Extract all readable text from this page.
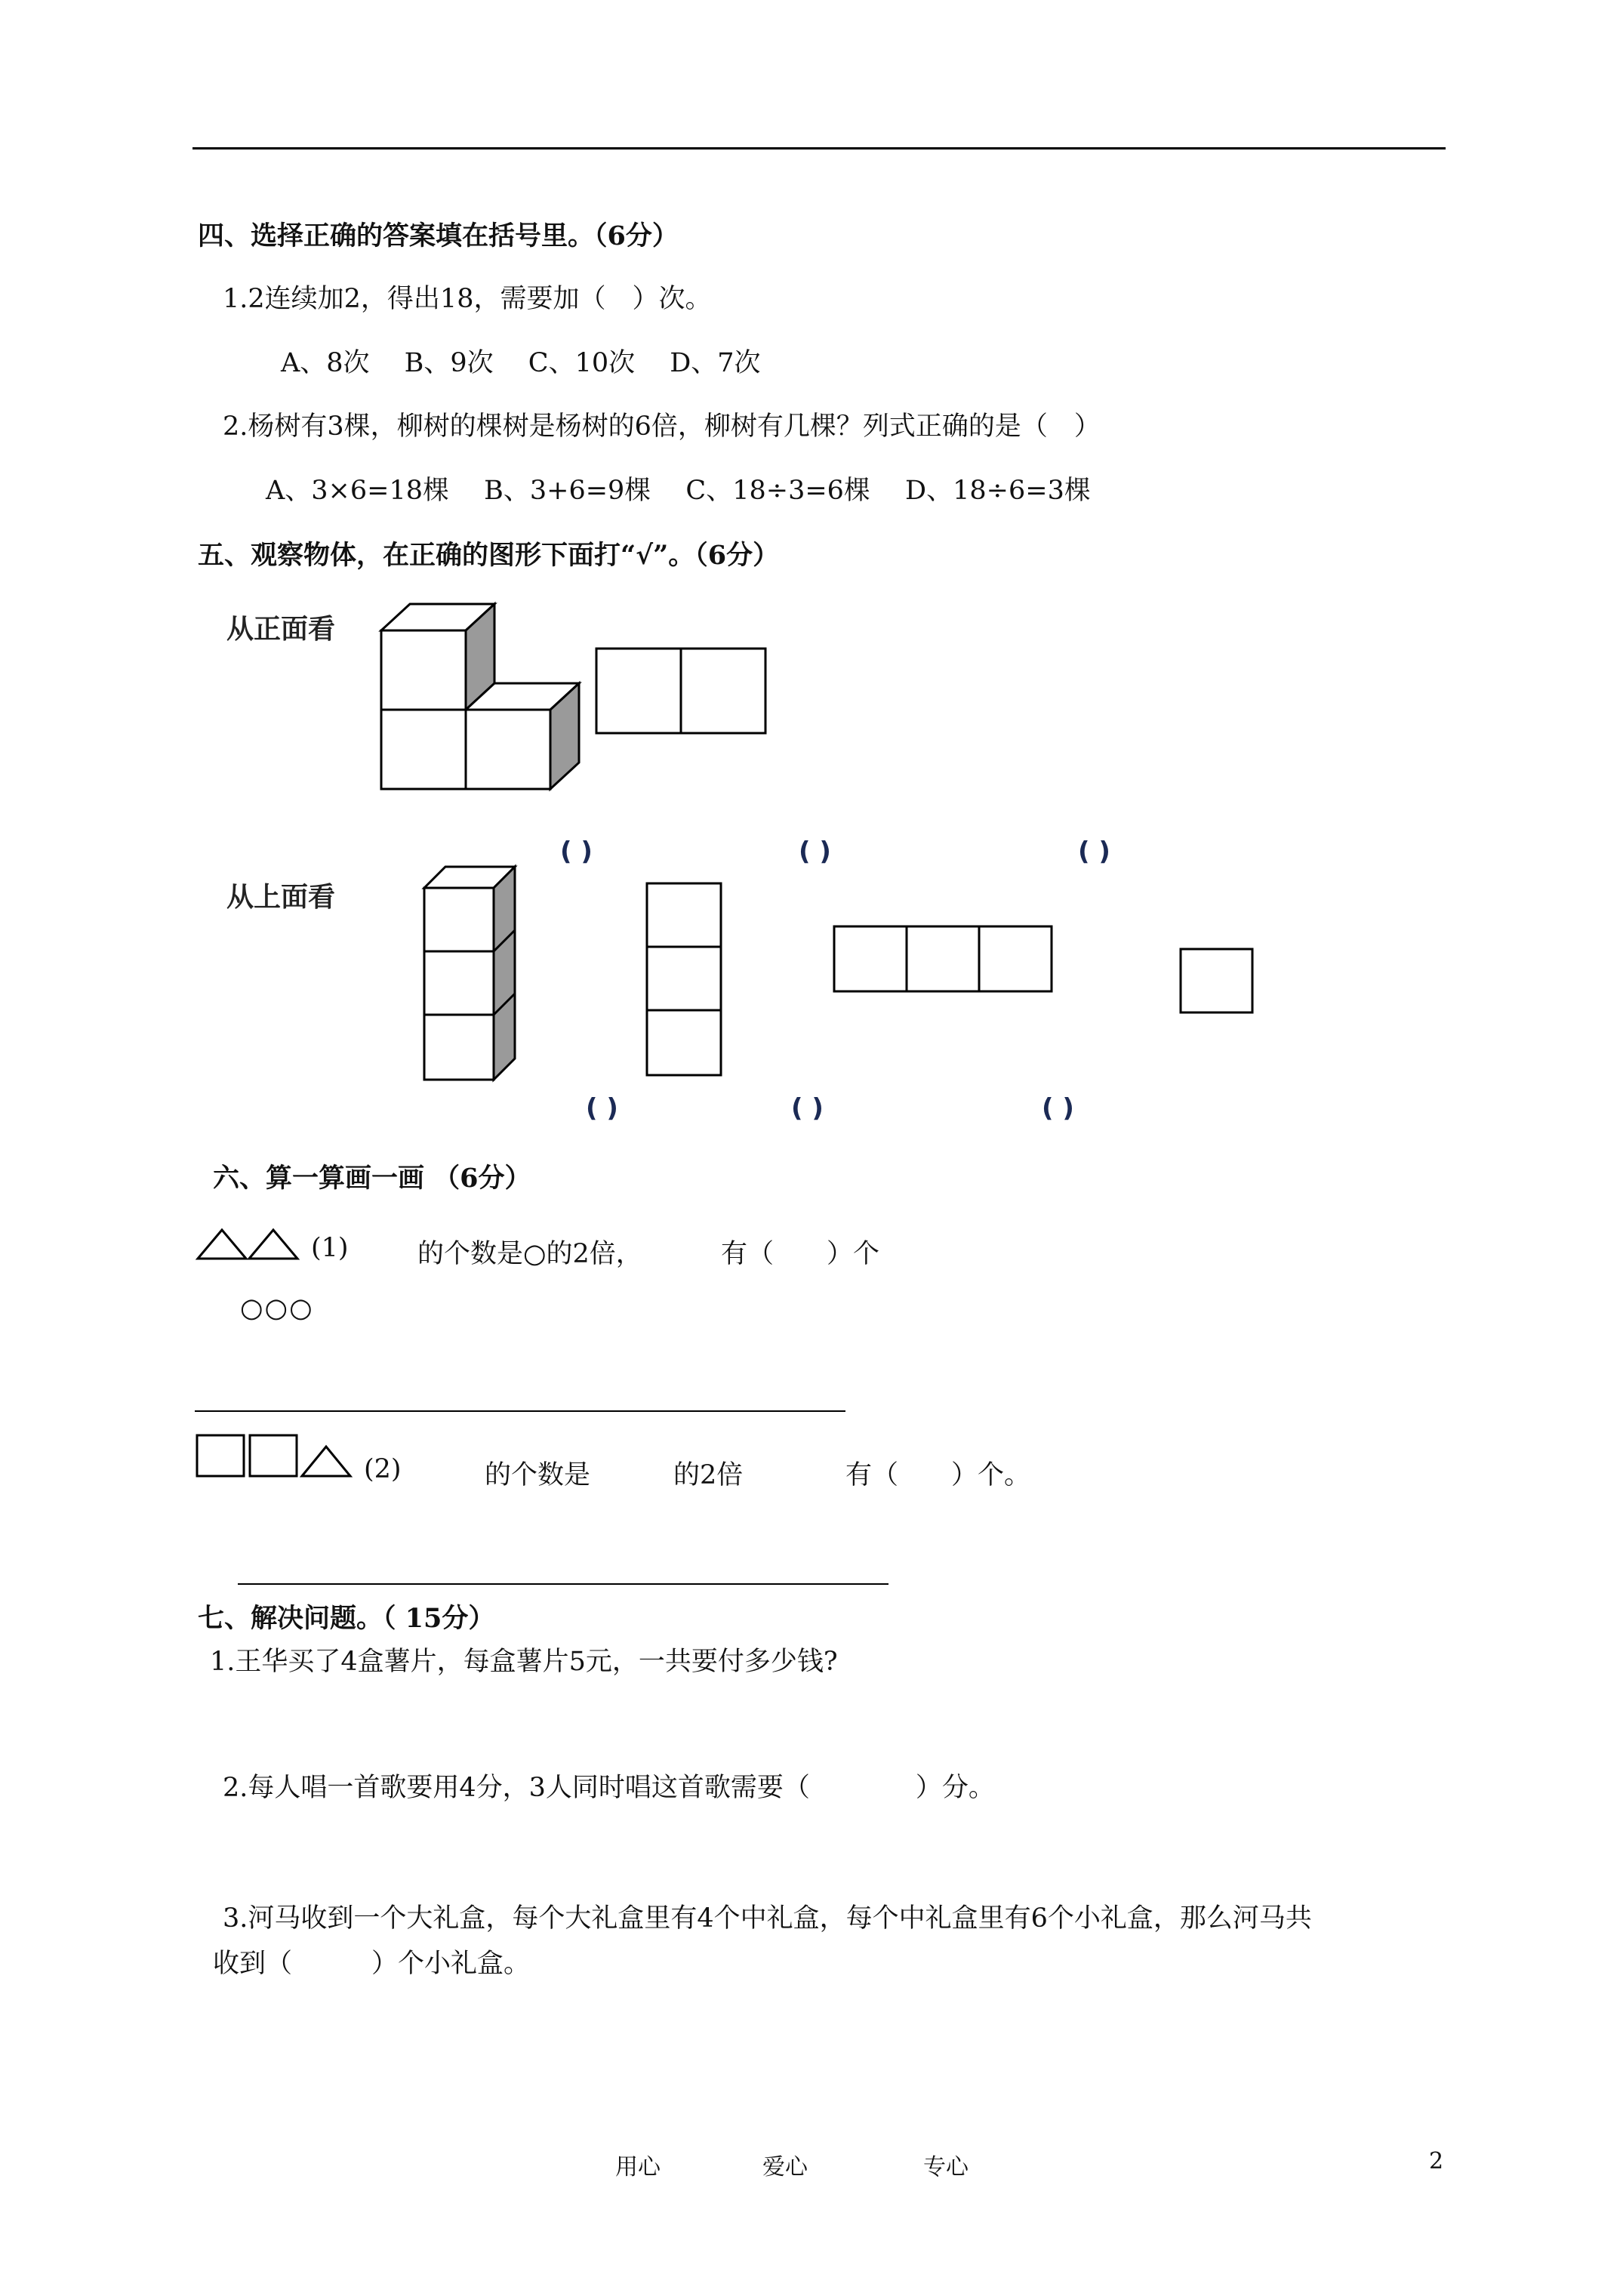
四、选择正确的答案填在括号里。（6分）
1.2连续加2，得出18，需要加（　）次。
A、8次　 B、9次　 C、10次　 D、7次
2.杨树有3棵，柳树的棵树是杨树的6倍，柳树有几棵？列式正确的是（　）
A、3×6=18棵　 B、3+6=9棵　 C、18÷3=6棵　 D、18÷6=3棵
五、观察物体，在正确的图形下面打“√”。（6分）
从正面看
( )	( )	( )
从上面看
( )	( )	( )
六、算一算画一画 （6分）
(1)	的个数是○的2倍，	有（　　）个
○○○
(2)	的个数是	的2倍	有（　　）个。
七、解决问题。（ 15分）
1.王华买了4盒薯片，每盒薯片5元，一共要付多少钱?
2.每人唱一首歌要用4分，3人同时唱这首歌需要（　　　　）分。
3.河马收到一个大礼盒，每个大礼盒里有4个中礼盒，每个中礼盒里有6个小礼盒，那么河马共
收到（　　　）个小礼盒。
用心	爱心	专心	2
